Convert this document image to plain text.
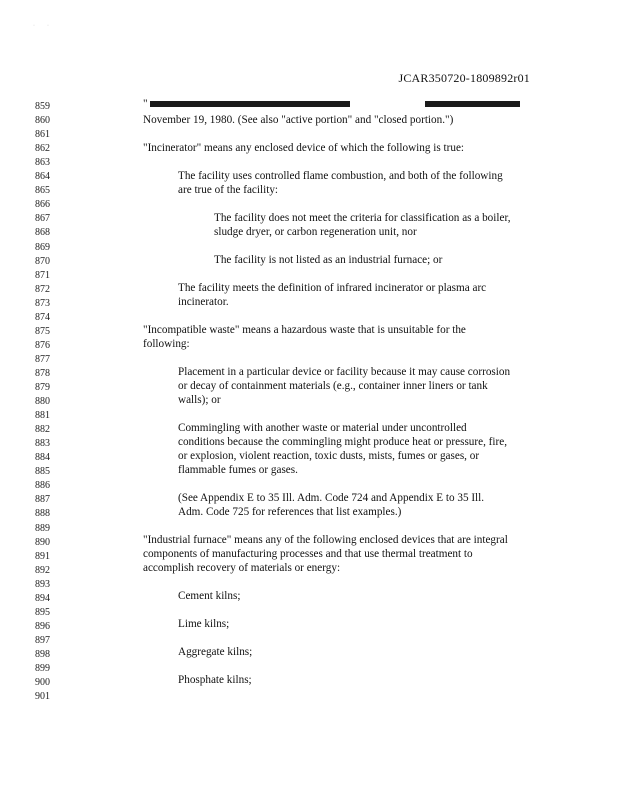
·        ·
JCAR350720-1809892r01
859
860
861
862
863
864
865
866
867
868
869
870
871
872
873
874
875
876
877
878
879
880
881
882
883
884
885
886
887
888
889
890
891
892
893
894
895
896
897
898
899
900
901
"
November 19, 1980. (See also "active portion" and "closed portion.")
"Incinerator" means any enclosed device of which the following is true:
The facility uses controlled flame combustion, and both of the following
are true of the facility:
The facility does not meet the criteria for classification as a boiler,
sludge dryer, or carbon regeneration unit, nor
The facility is not listed as an industrial furnace; or
The facility meets the definition of infrared incinerator or plasma arc
incinerator.
"Incompatible waste" means a hazardous waste that is unsuitable for the
following:
Placement in a particular device or facility because it may cause corrosion
or decay of containment materials (e.g., container inner liners or tank
walls); or
Commingling with another waste or material under uncontrolled
conditions because the commingling might produce heat or pressure, fire,
or explosion, violent reaction, toxic dusts, mists, fumes or gases, or
flammable fumes or gases.
(See Appendix E to 35 Ill. Adm. Code 724 and Appendix E to 35 Ill.
Adm. Code 725 for references that list examples.)
"Industrial furnace" means any of the following enclosed devices that are integral
components of manufacturing processes and that use thermal treatment to
accomplish recovery of materials or energy:
Cement kilns;
Lime kilns;
Aggregate kilns;
Phosphate kilns;
